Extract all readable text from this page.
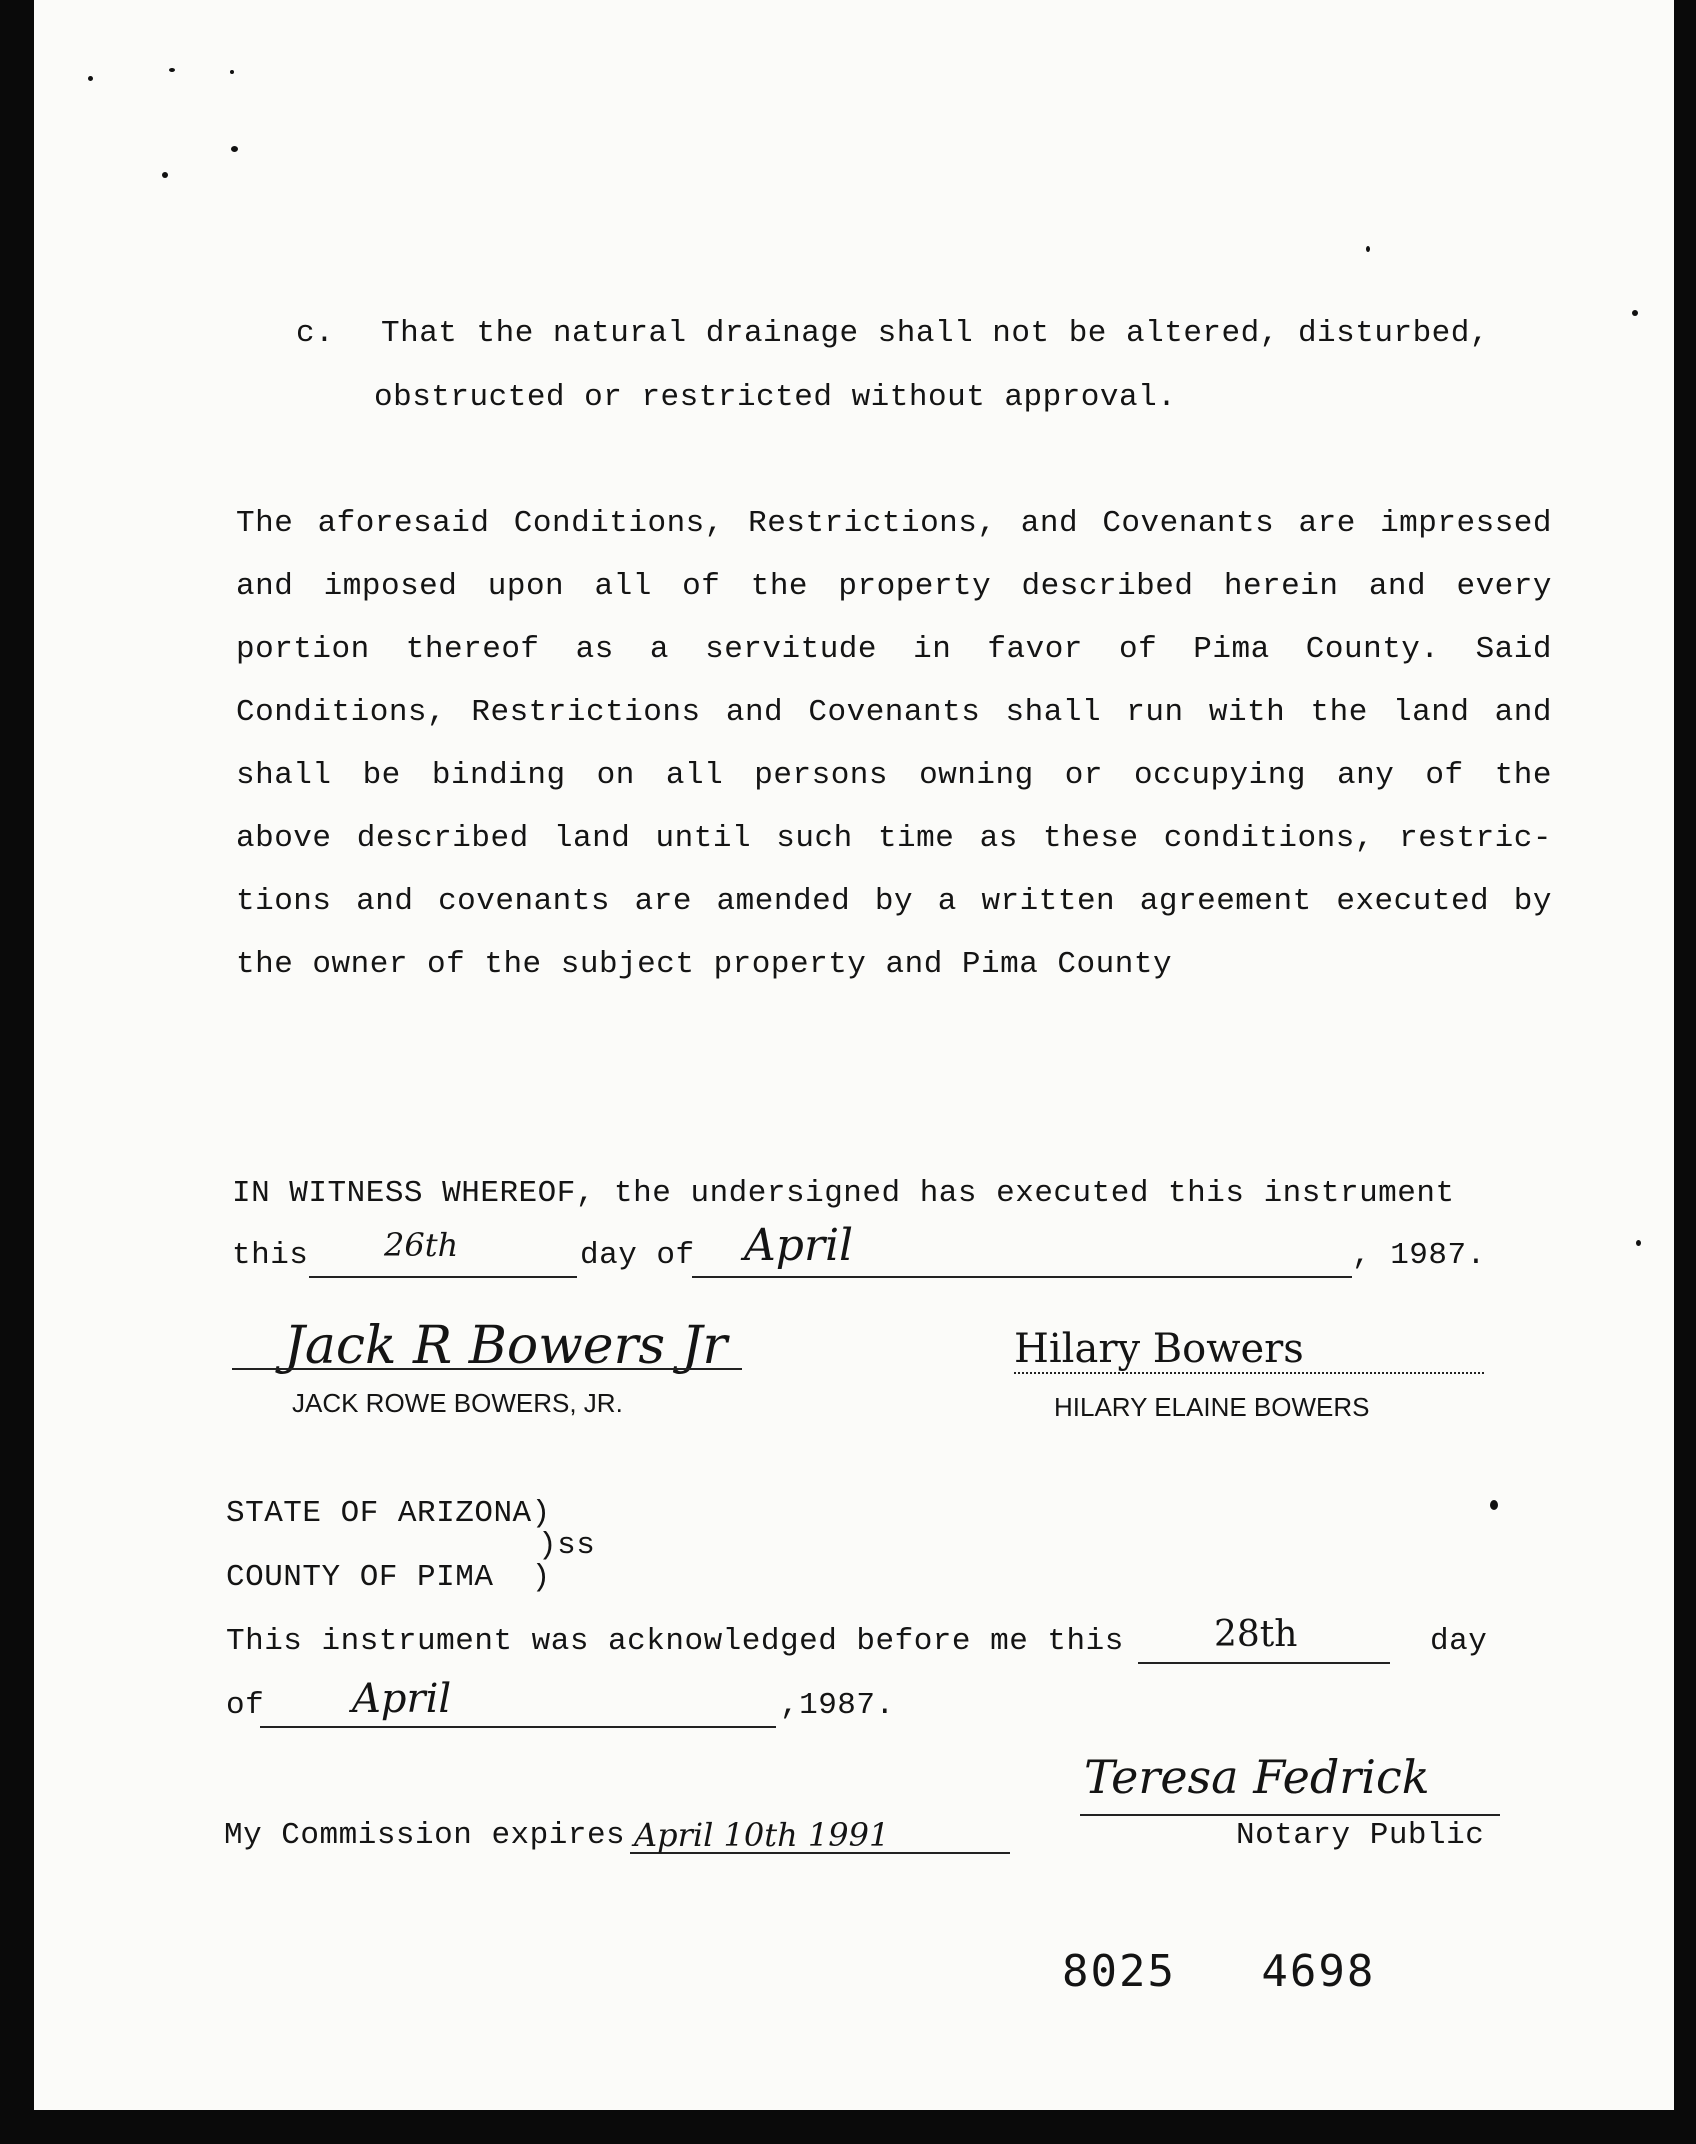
c. That the natural drainage shall not be altered, disturbed,
obstructed or restricted without approval.
The aforesaid Conditions, Restrictions, and Covenants are impressed
and imposed upon all of the property described herein and every
portion thereof as a servitude in favor of Pima County. Said
Conditions, Restrictions and Covenants shall run with the land and
shall be binding on all persons owning or occupying any of the
above described land until such time as these conditions, restric-
tions and covenants are amended by a written agreement executed by
the owner of the subject property and Pima County
IN WITNESS WHEREOF, the undersigned has executed this instrument
this 26th	day of April	, 1987.
Jack R Bowers Jr
JACK ROWE BOWERS, JR.
Hilary Bowers
HILARY ELAINE BOWERS
STATE OF ARIZONA)
)ss
COUNTY OF PIMA  )
This instrument was acknowledged before me this	28th	day
of April	,1987.
My Commission expires April 10th 1991
Teresa Fedrick
Notary Public
8025   4698
